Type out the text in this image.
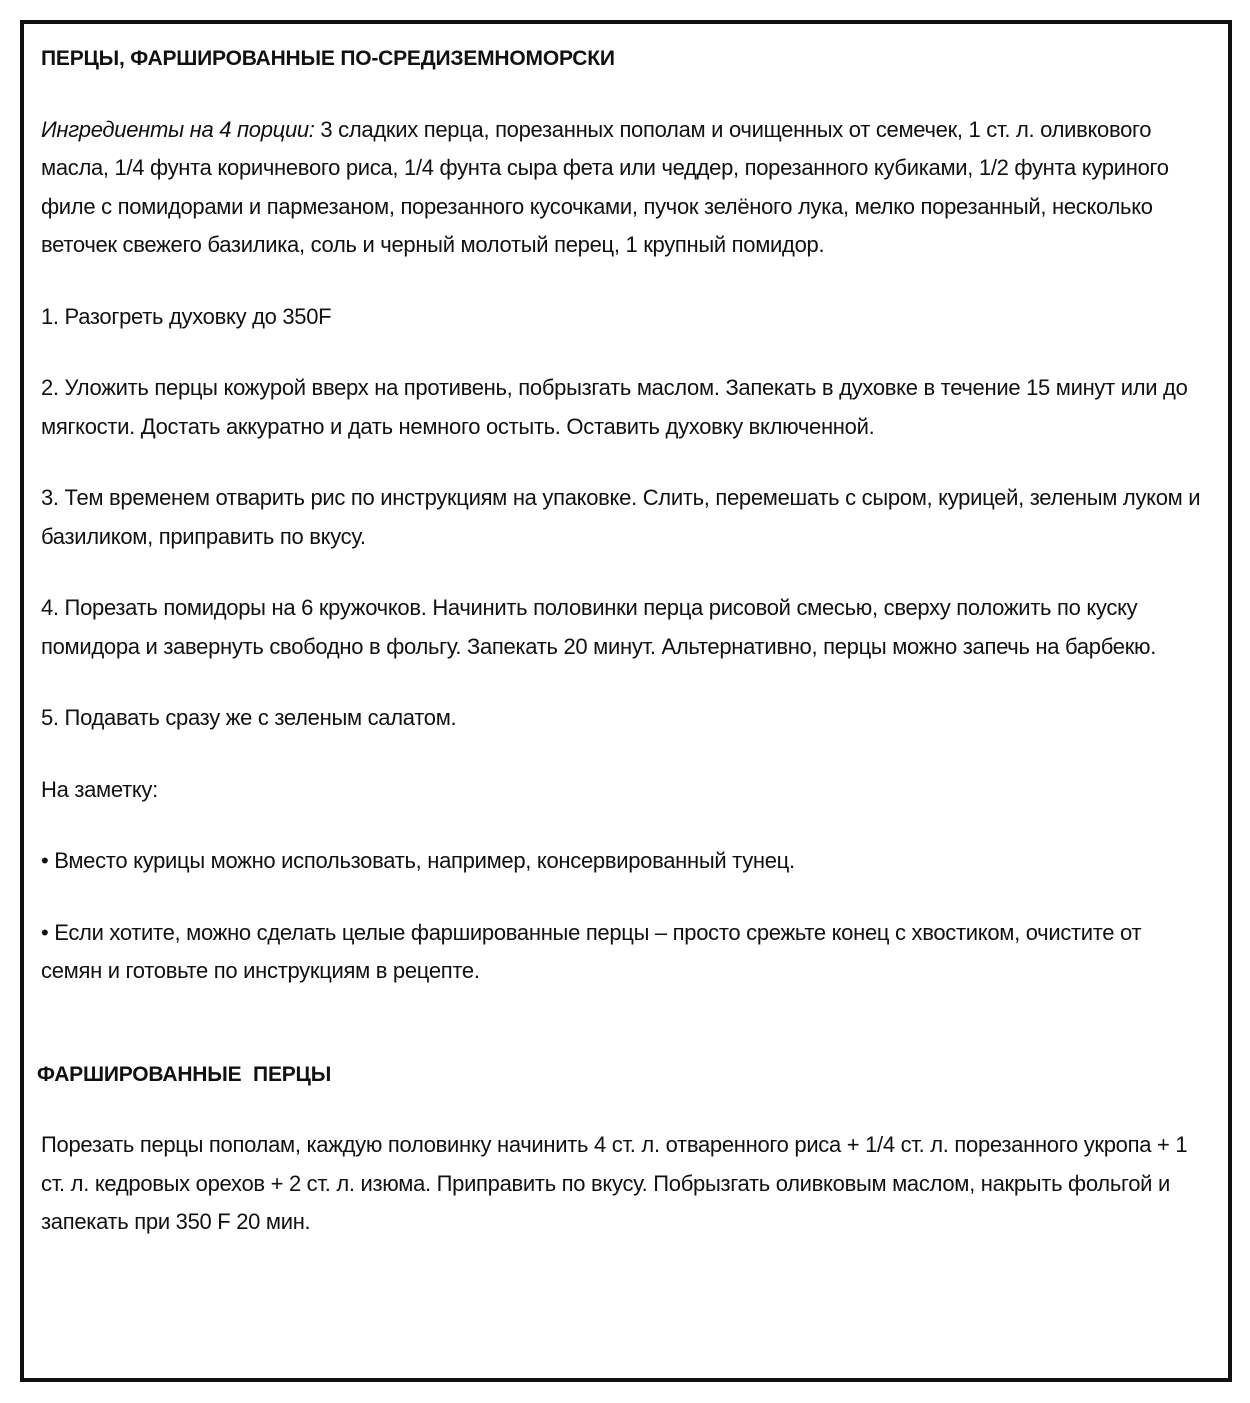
ПЕРЦЫ, ФАРШИРОВАННЫЕ ПО-СРЕДИЗЕМНОМОРСКИ
Ингредиенты на 4 порции: 3 сладких перца, порезанных пополам и очищенных от семечек, 1 ст. л. оливкового масла, 1/4 фунта коричневого риса, 1/4 фунта сыра фета или чеддер, порезанного кубиками, 1/2 фунта куриного филе с помидорами и пармезаном, порезанного кусочками, пучок зелёного лука, мелко порезанный, несколько веточек свежего базилика, соль и черный молотый перец, 1 крупный помидор.
1. Разогреть духовку до 350F
2. Уложить перцы кожурой вверх на противень, побрызгать маслом. Запекать в духовке в течение 15 минут или до мягкости. Достать аккуратно и дать немного остыть. Оставить духовку включенной.
3. Тем временем отварить рис по инструкциям на упаковке. Слить, перемешать с сыром, курицей, зеленым луком и базиликом, приправить по вкусу.
4. Порезать помидоры на 6 кружочков. Начинить половинки перца рисовой смесью, сверху положить по куску помидора и завернуть свободно в фольгу. Запекать 20 минут. Альтернативно, перцы можно запечь на барбекю.
5. Подавать сразу же с зеленым салатом.
На заметку:
• Вместо курицы можно использовать, например, консервированный тунец.
• Если хотите, можно сделать целые фаршированные перцы – просто срежьте конец с хвостиком, очистите от семян и готовьте по инструкциям в рецепте.
ФАРШИРОВАННЫЕ ПЕРЦЫ
Порезать перцы пополам, каждую половинку начинить 4 ст. л. отваренного риса + 1/4 ст. л. порезанного укропа + 1 ст. л. кедровых орехов + 2 ст. л. изюма. Приправить по вкусу. Побрызгать оливковым маслом, накрыть фольгой и запекать при 350 F 20 мин.
